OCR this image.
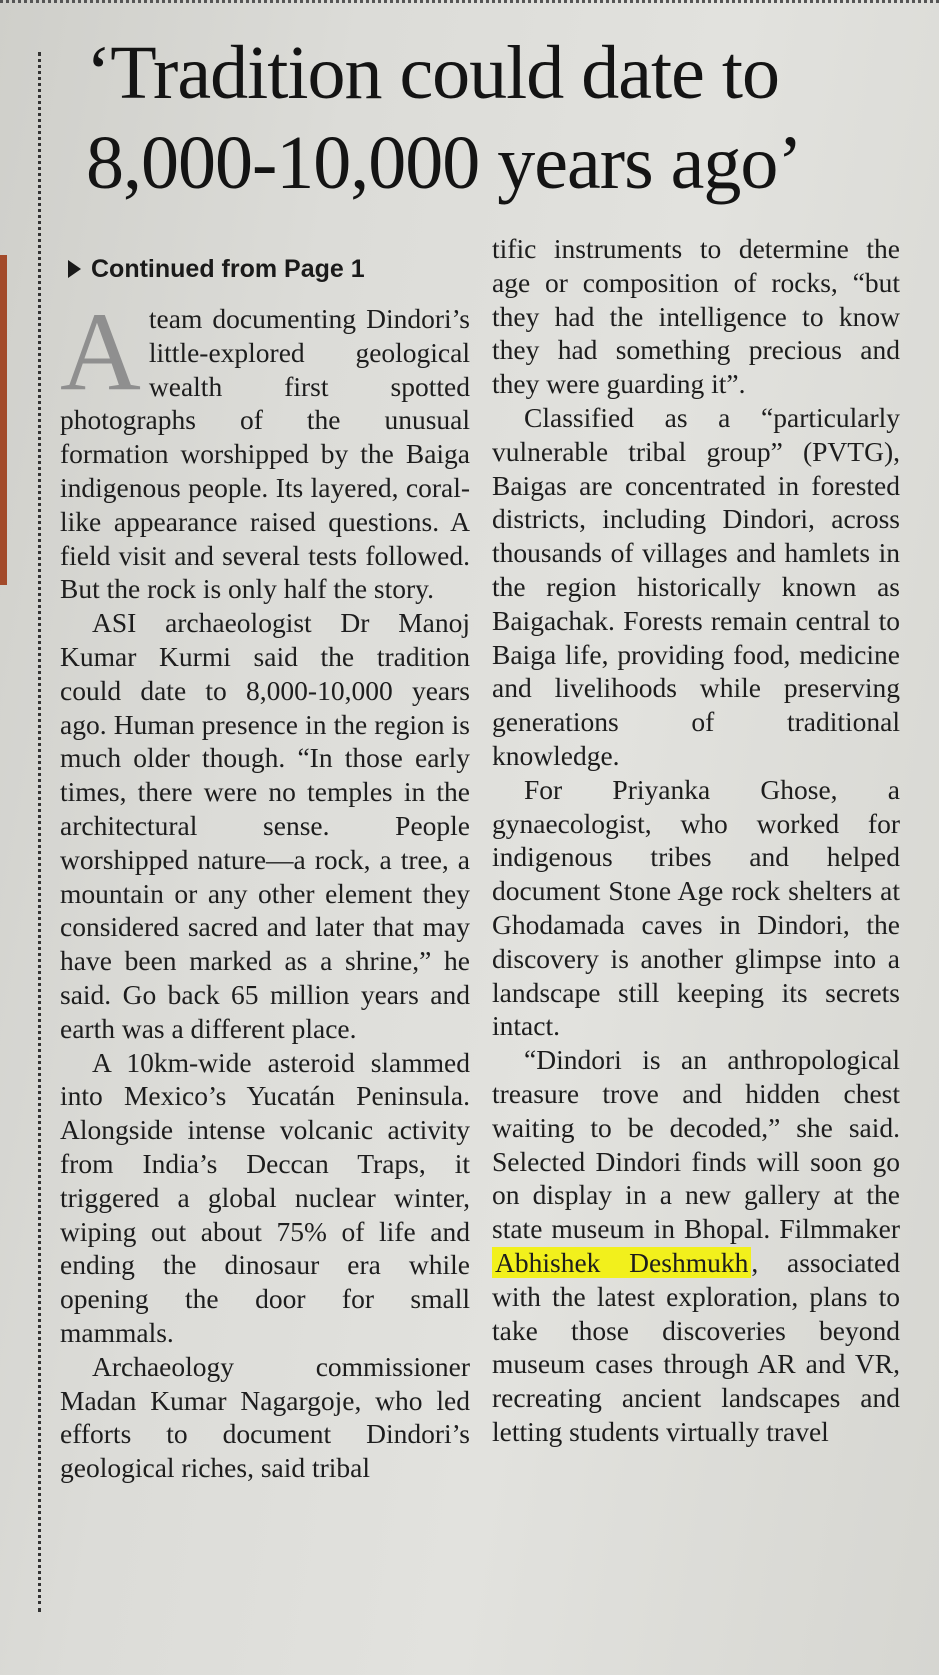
‘Tradition could date to 8,000-10,000 years ago’
Continued from Page 1
A team documenting Dindori’s little-explored geological wealth first spotted photographs of the unusual formation worshipped by the Baiga indigenous people. Its layered, coral-like appearance raised questions. A field visit and several tests followed. But the rock is only half the story.

ASI archaeologist Dr Manoj Kumar Kurmi said the tradition could date to 8,000-10,000 years ago. Human presence in the region is much older though. “In those early times, there were no temples in the architectural sense. People worshipped nature—a rock, a tree, a mountain or any other element they considered sacred and later that may have been marked as a shrine,” he said. Go back 65 million years and earth was a different place.

A 10km-wide asteroid slammed into Mexico’s Yucatán Peninsula. Alongside intense volcanic activity from India’s Deccan Traps, it triggered a global nuclear winter, wiping out about 75% of life and ending the dinosaur era while opening the door for small mammals.

Archaeology commissioner Madan Kumar Nagargoje, who led efforts to document Dindori’s geological riches, said tribal

tific instruments to determine the age or composition of rocks, “but they had the intelligence to know they had something precious and they were guarding it”.

Classified as a “particularly vulnerable tribal group” (PVTG), Baigas are concentrated in forested districts, including Dindori, across thousands of villages and hamlets in the region historically known as Baigachak. Forests remain central to Baiga life, providing food, medicine and livelihoods while preserving generations of traditional knowledge.

For Priyanka Ghose, a gynaecologist, who worked for indigenous tribes and helped document Stone Age rock shelters at Ghodamada caves in Dindori, the discovery is another glimpse into a landscape still keeping its secrets intact.

“Dindori is an anthropological treasure trove and hidden chest waiting to be decoded,” she said. Selected Dindori finds will soon go on display in a new gallery at the state museum in Bhopal. Filmmaker Abhishek Deshmukh , associated with the latest exploration, plans to take those discoveries beyond museum cases through AR and VR, recreating ancient landscapes and letting students virtually travel
